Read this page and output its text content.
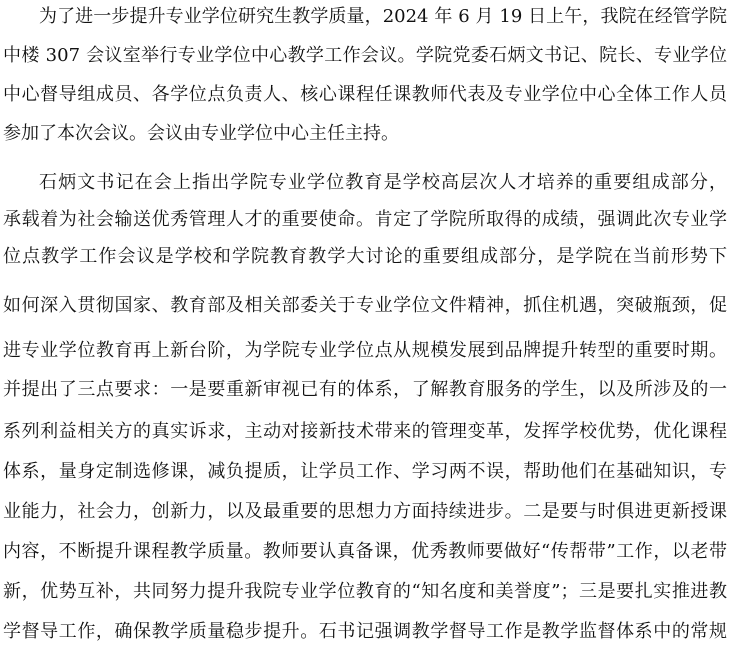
为了进一步提升专业学位研究生教学质量，2024 年 6 月 19 日上午，我院在经管学院
中楼 307 会议室举行专业学位中心教学工作会议。学院党委石炳文书记、院长、专业学位
中心督导组成员、各学位点负责人、核心课程任课教师代表及专业学位中心全体工作人员
参加了本次会议。会议由专业学位中心主任主持。
石炳文书记在会上指出学院专业学位教育是学校高层次人才培养的重要组成部分，
承载着为社会输送优秀管理人才的重要使命。肯定了学院所取得的成绩，强调此次专业学
位点教学工作会议是学校和学院教育教学大讨论的重要组成部分，是学院在当前形势下
如何深入贯彻国家、教育部及相关部委关于专业学位文件精神，抓住机遇，突破瓶颈，促
进专业学位教育再上新台阶，为学院专业学位点从规模发展到品牌提升转型的重要时期。
并提出了三点要求：一是要重新审视已有的体系，了解教育服务的学生，以及所涉及的一
系列利益相关方的真实诉求，主动对接新技术带来的管理变革，发挥学校优势，优化课程
体系，量身定制选修课，减负提质，让学员工作、学习两不误，帮助他们在基础知识，专
业能力，社会力，创新力，以及最重要的思想力方面持续进步。二是要与时俱进更新授课
内容，不断提升课程教学质量。教师要认真备课，优秀教师要做好“传帮带”工作，以老带
新，优势互补，共同努力提升我院专业学位教育的“知名度和美誉度”；三是要扎实推进教
学督导工作，确保教学质量稳步提升。石书记强调教学督导工作是教学监督体系中的常规
